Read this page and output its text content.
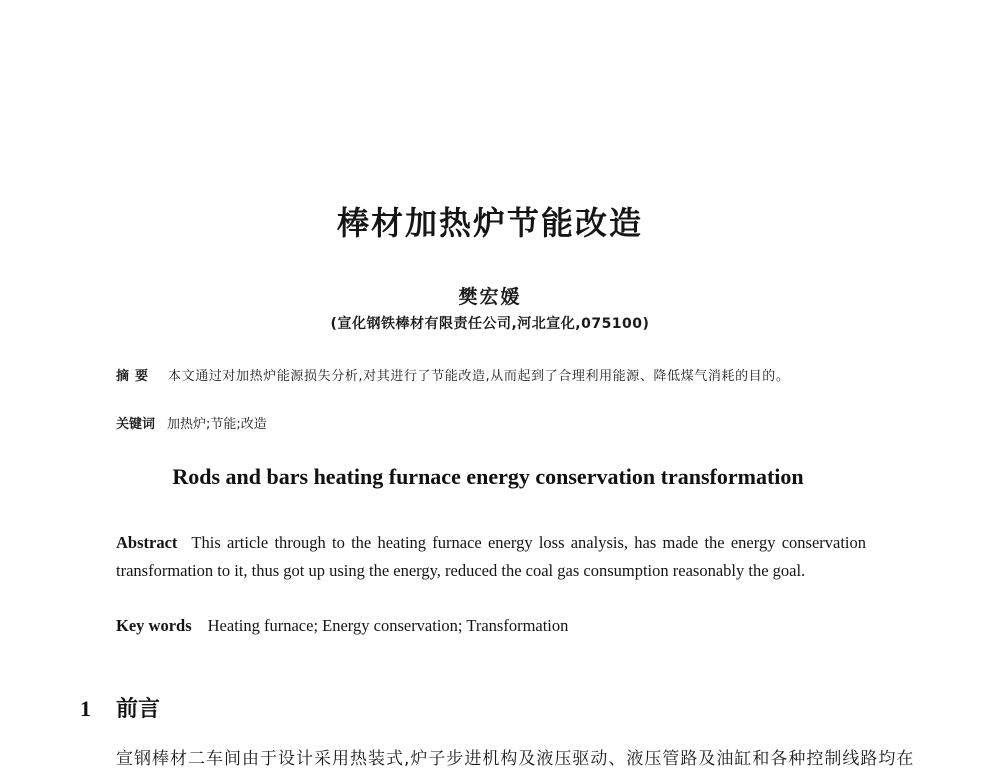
棒材加热炉节能改造
樊宏媛
(宣化钢铁棒材有限责任公司,河北宣化,075100)
摘要 本文通过对加热炉能源损失分析,对其进行了节能改造,从而起到了合理利用能源、降低煤气消耗的目的。
关键词 加热炉;节能;改造
Rods and bars heating furnace energy conservation transformation
Abstract This article through to the heating furnace energy loss analysis, has made the energy conservation transformation to it, thus got up using the energy, reduced the coal gas consumption reasonably the goal.
Key words Heating furnace; Energy conservation; Transformation
1 前言
宣钢棒材二车间由于设计采用热装式,炉子步进机构及液压驱动、液压管路及油缸和各种控制线路均在
